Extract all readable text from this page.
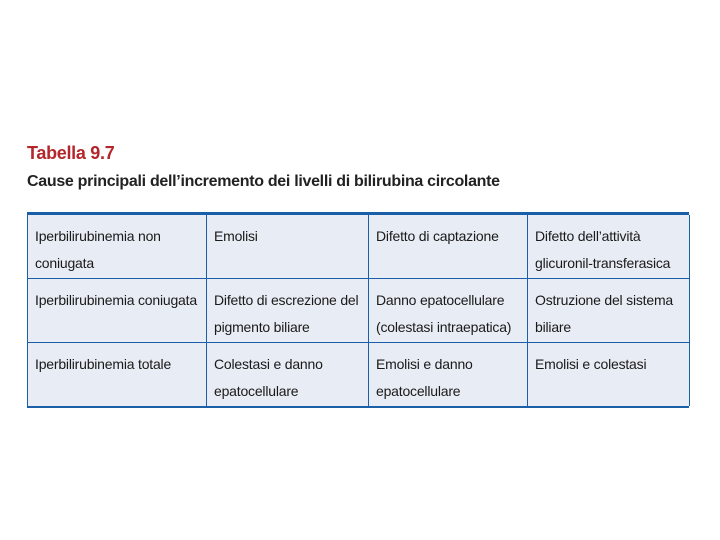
Tabella 9.7
Cause principali dell’incremento dei livelli di bilirubina circolante
Iperbilirubinemia non coniugata	Emolisi	Difetto di captazione	Difetto dell’attività glicuronil-transferasica
Iperbilirubinemia coniugata	Difetto di escrezione del pigmento biliare	Danno epatocellulare (colestasi intraepatica)	Ostruzione del sistema biliare
Iperbilirubinemia totale	Colestasi e danno epatocellulare	Emolisi e danno epatocellulare	Emolisi e colestasi
